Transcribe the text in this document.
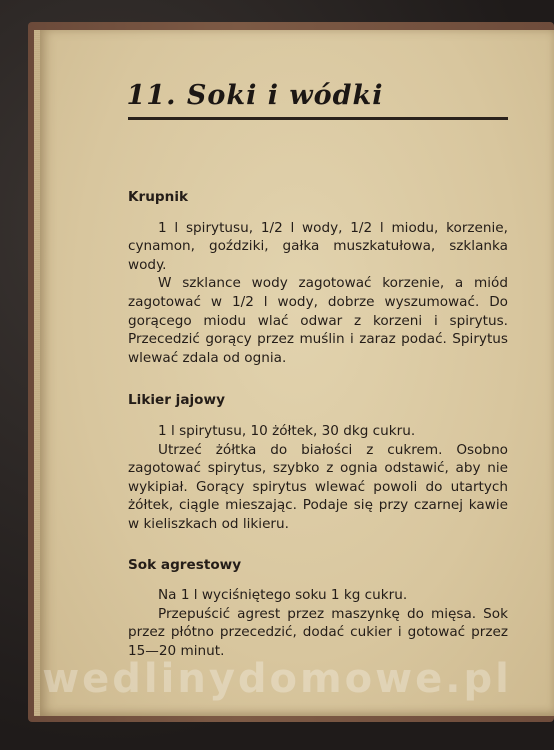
11. Soki i wódki
Krupnik

1 l spirytusu, 1/2 l wody, 1/2 l miodu, korzenie, cynamon, goździki, gałka muszkatułowa, szklanka wody.

W szklance wody zagotować korzenie, a miód zagotować w 1/2 l wody, dobrze wyszumować. Do gorącego miodu wlać odwar z korzeni i spirytus. Przecedzić gorący przez muślin i zaraz podać. Spirytus wlewać zdala od ognia.

Likier jajowy

1 l spirytusu, 10 żółtek, 30 dkg cukru.

Utrzeć żółtka do białości z cukrem. Osobno zagotować spirytus, szybko z ognia odstawić, aby nie wykipiał. Gorący spirytus wlewać powoli do utartych żółtek, ciągle mieszając. Podaje się przy czarnej kawie w kieliszkach od likieru.

Sok agrestowy

Na 1 l wyciśniętego soku 1 kg cukru.

Przepuścić agrest przez maszynkę do mięsa. Sok przez płótno przecedzić, dodać cukier i gotować przez 15—20 minut.

wedlinydomowe.pl
